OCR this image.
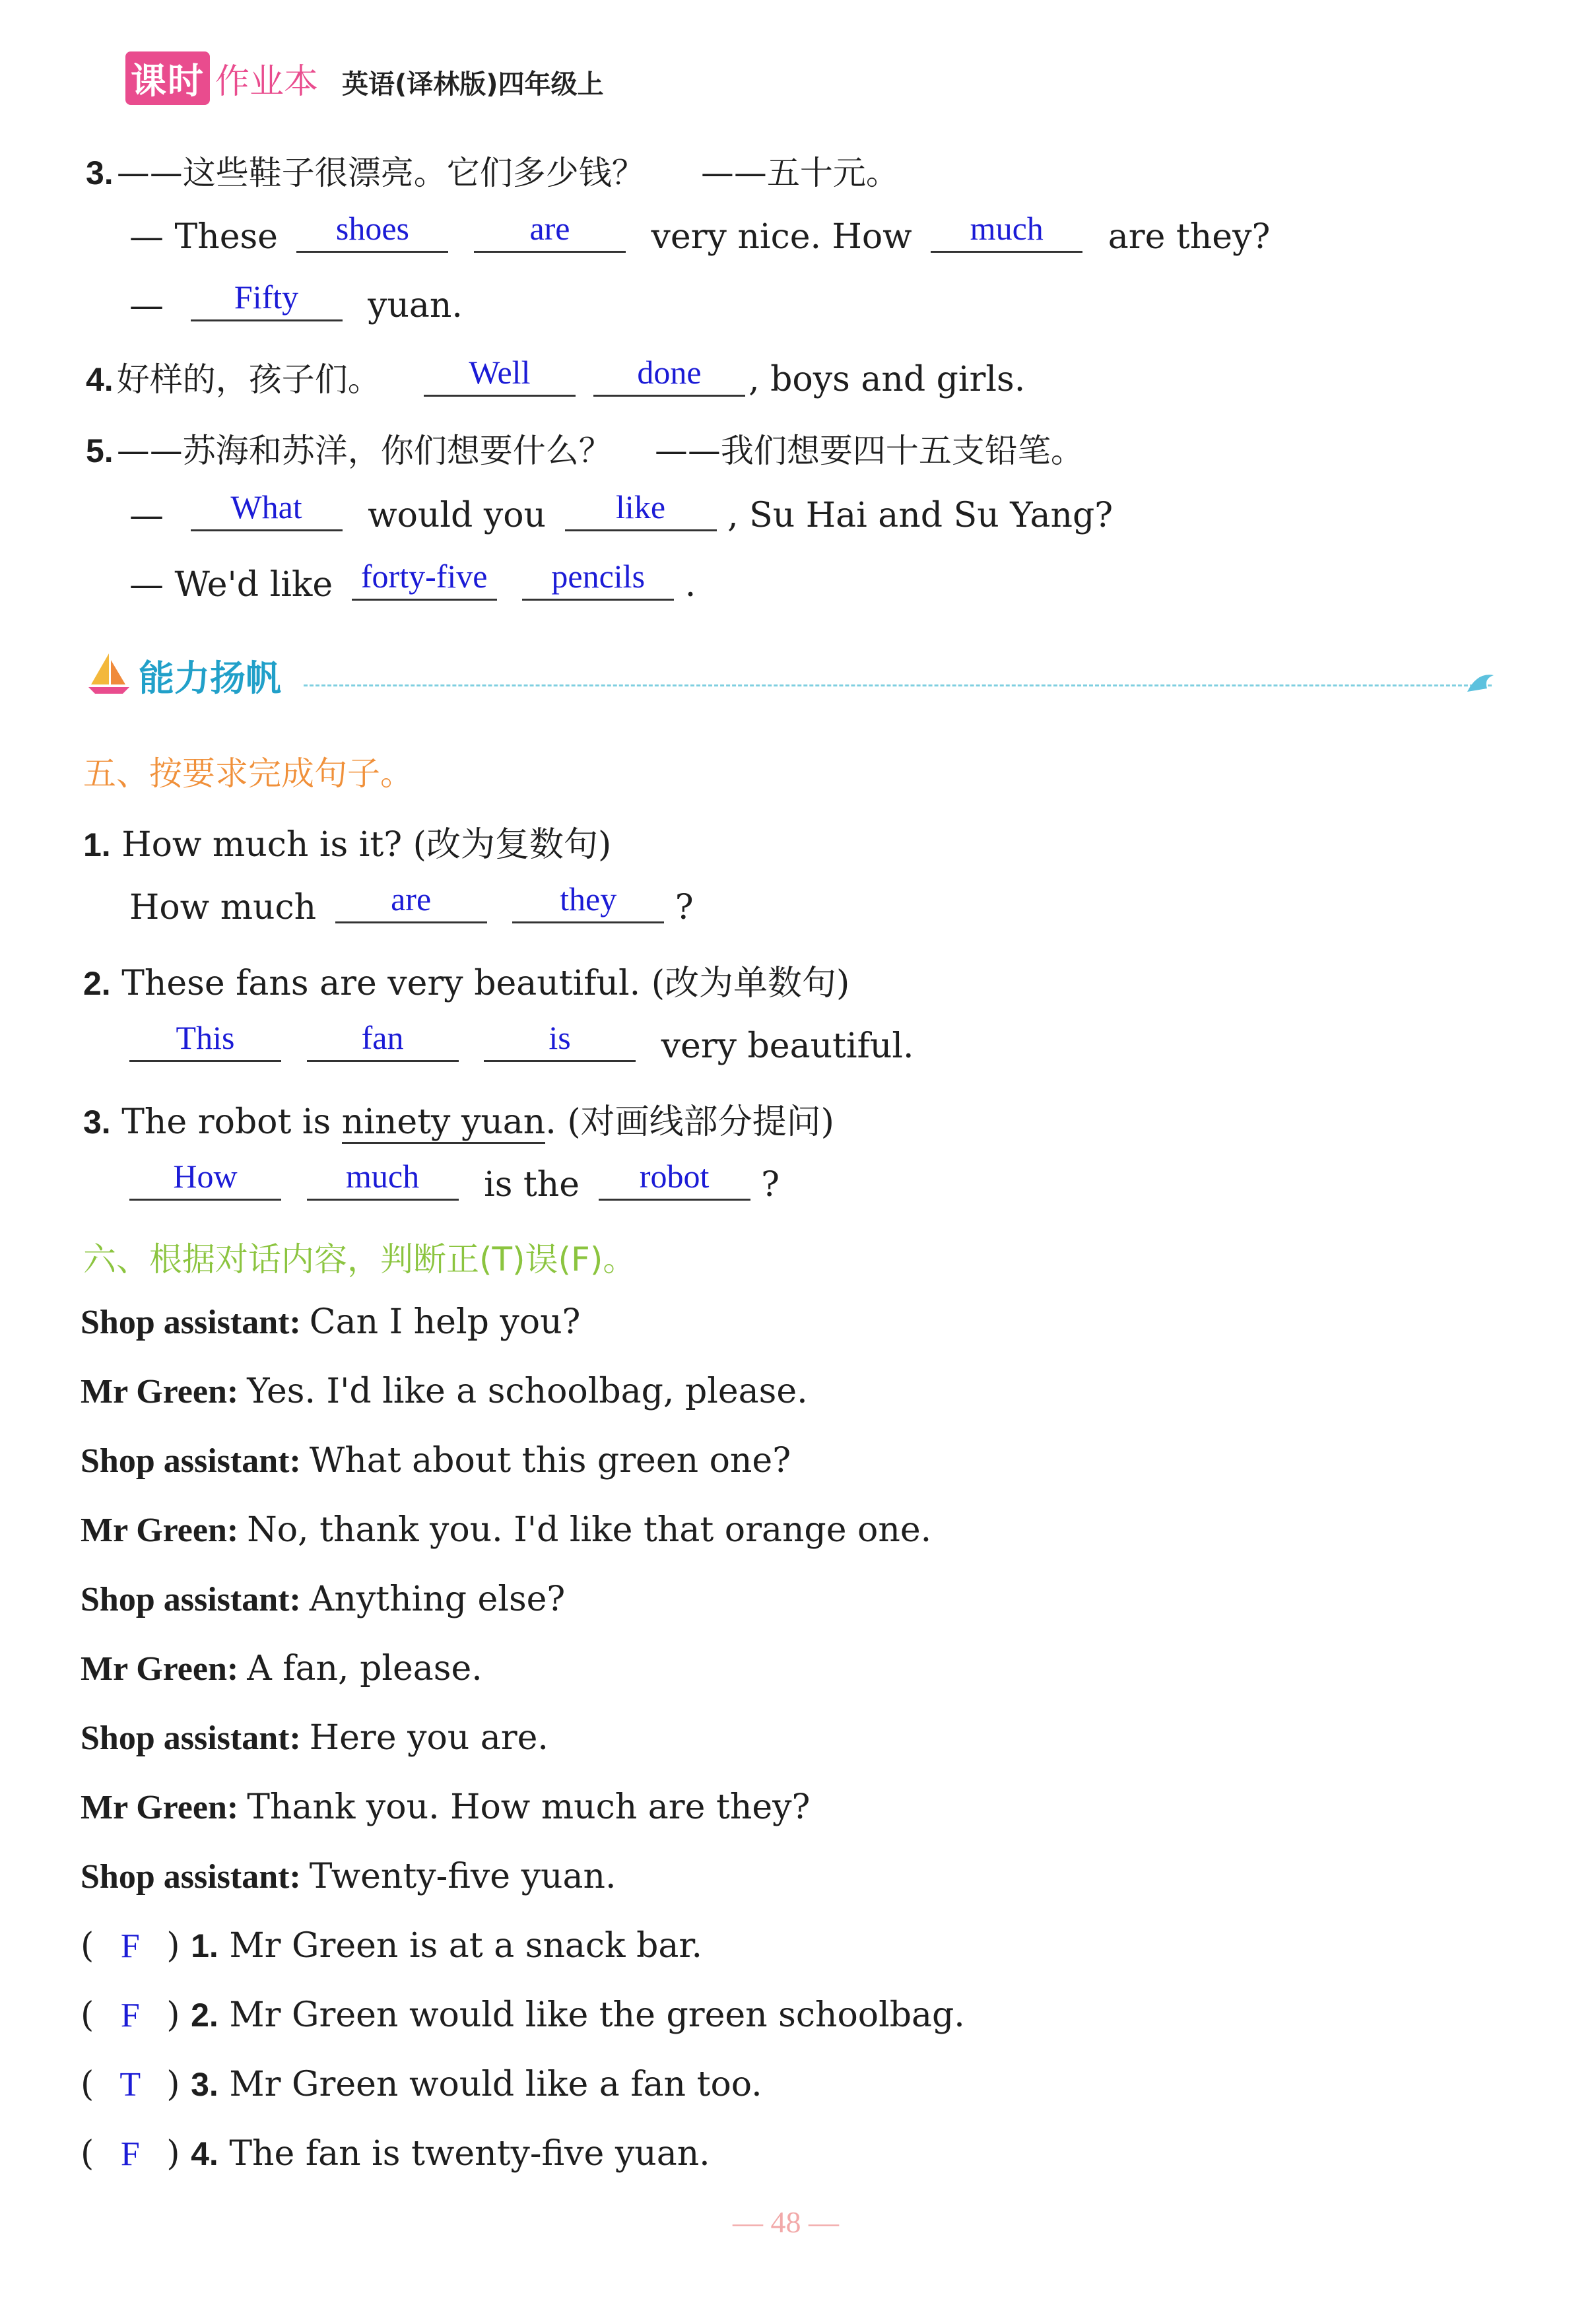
课时 作业本 英语(译林版)四年级上
3. ——这些鞋子很漂亮。它们多少钱？ ——五十元。
— These shoes	are very nice. How much are they?
— Fifty yuan.
4. 好样的，孩子们。	Well	done , boys and girls.
5. ——苏海和苏洋，你们想要什么？ ——我们想要四十五支铅笔。
— What would you like , Su Hai and Su Yang?
— We'd like forty-five pencils .
能力扬帆
五、按要求完成句子。
1. How much is it? (改为复数句)
How much are	they ?
2. These fans are very beautiful. (改为单数句)
This	fan	is	very beautiful.
3. The robot is ninety yuan. (对画线部分提问)
How	much is the robot ?
六、根据对话内容，判断正(T)误(F)。
Shop assistant: Can I help you?
Mr Green: Yes. I'd like a schoolbag, please.
Shop assistant: What about this green one?
Mr Green: No, thank you. I'd like that orange one.
Shop assistant: Anything else?
Mr Green: A fan, please.
Shop assistant: Here you are.
Mr Green: Thank you. How much are they?
Shop assistant: Twenty-five yuan.
( F ) 1. Mr Green is at a snack bar.
( F ) 2. Mr Green would like the green schoolbag.
( T ) 3. Mr Green would like a fan too.
( F ) 4. The fan is twenty-five yuan.
— 48 —
